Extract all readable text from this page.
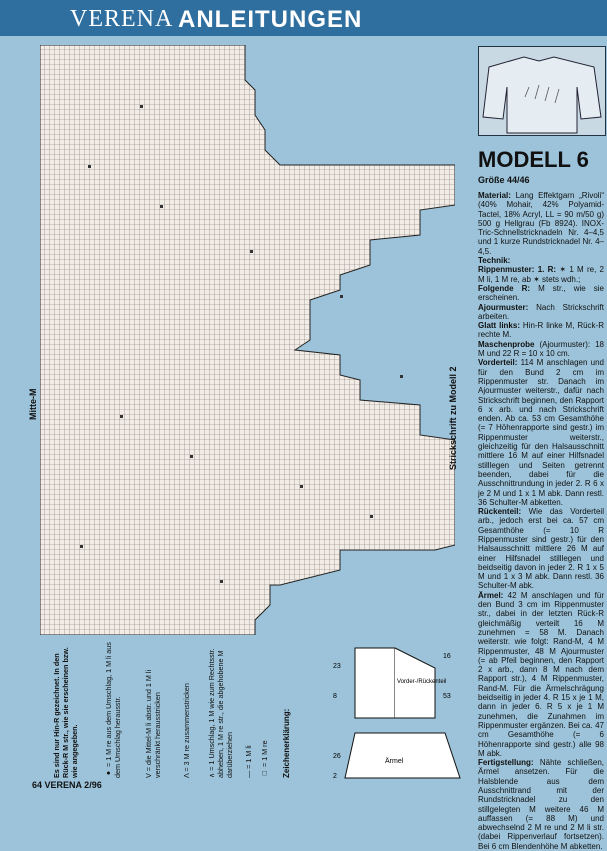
VERENA ANLEITUNGEN
Strickschrift zu Modell 2
Mitte-M
MODELL 6
Größe 44/46
Material: Lang Effektgarn „Rivoli“ (40% Mohair, 42% Polyamid-Tactel, 18% Acryl, LL = 90 m/50 g) 500 g Hellgrau (Fb 8924). INOX-Tric-Schnellstricknadeln Nr. 4–4,5 und 1 kurze Rundstricknadel Nr. 4–4,5.
Technik:
Rippenmuster: 1. R: ✶ 1 M re, 2 M li, 1 M re, ab ✶ stets wdh.;
Folgende R: M str., wie sie erscheinen.
Ajourmuster: Nach Strickschrift arbeiten.
Glatt links: Hin-R linke M, Rück-R rechte M.
Maschenprobe (Ajourmuster): 18 M und 22 R = 10 x 10 cm.
Vorderteil: 114 M anschlagen und für den Bund 2 cm im Rippenmuster str. Danach im Ajourmuster weiterstr., dafür nach Strickschrift beginnen, den Rapport 6 x arb. und nach Strickschrift enden. Ab ca. 53 cm Gesamthöhe (= 7 Höhenrapporte sind gestr.) im Rippenmuster weiterstr., gleichzeitig für den Halsausschnitt mittlere 16 M auf einer Hilfsnadel stilllegen und Seiten getrennt beenden, dabei für die Ausschnittrundung in jeder 2. R 6 x je 2 M und 1 x 1 M abk. Dann restl. 36 Schulter-M abketten.
Rückenteil: Wie das Vorderteil arb., jedoch erst bei ca. 57 cm Gesamthöhe (= 10 R Rippenmuster sind gestr.) für den Halsausschnitt mittlere 26 M auf einer Hilfsnadel stilllegen und beidseitig davon in jeder 2. R 1 x 5 M und 1 x 3 M abk. Dann restl. 36 Schulter-M abk.
Ärmel: 42 M anschlagen und für den Bund 3 cm im Rippenmuster str., dabei in der letzten Rück-R gleichmäßig verteilt 16 M zunehmen = 58 M. Danach weiterstr. wie folgt: Rand-M, 4 M Rippenmuster, 48 M Ajourmuster (= ab Pfeil beginnen, den Rapport 2 x arb., dann 8 M nach dem Rapport str.), 4 M Rippenmuster, Rand-M. Für die Ärmelschrägung beidseitig in jeder 4. R 15 x je 1 M, dann in jeder 6. R 5 x je 1 M zunehmen, die Zunahmen im Rippenmuster ergänzen. Bei ca. 47 cm Gesamthöhe (= 6 Höhenrapporte sind gestr.) alle 98 M abk.
Fertigstellung: Nähte schließen, Ärmel ansetzen. Für die Halsblende aus dem Ausschnittrand mit der Rundstricknadel zu den stillgelegten M weitere 46 M auffassen (= 88 M) und abwechselnd 2 M re und 2 M li str. (dabei Rippenverlauf fortsetzen). Bei 6 cm Blendenhöhe M abketten.
Zeichenerklärung:
□ = 1 M re
— = 1 M li
∧ = 1 Umschlag, 1 M wie zum Rechtsstr. abheben, 1 M re str., die abgehobene M darüberziehen
Λ = 3 M re zusammenstricken
V = die Mittel-M li abstr. und 1 M li verschränkt herausstricken
● = 1 M re aus dem Umschlag, 1 M li aus dem Umschlag herausstr.
Es sind nur Hin-R gezeichnet. In den Rück-R M str., wie sie erscheinen bzw. wie angegeben.
Vorder-/Rückenteil
Ärmel
23
8
16
53
26
2
64 VERENA 2/96
